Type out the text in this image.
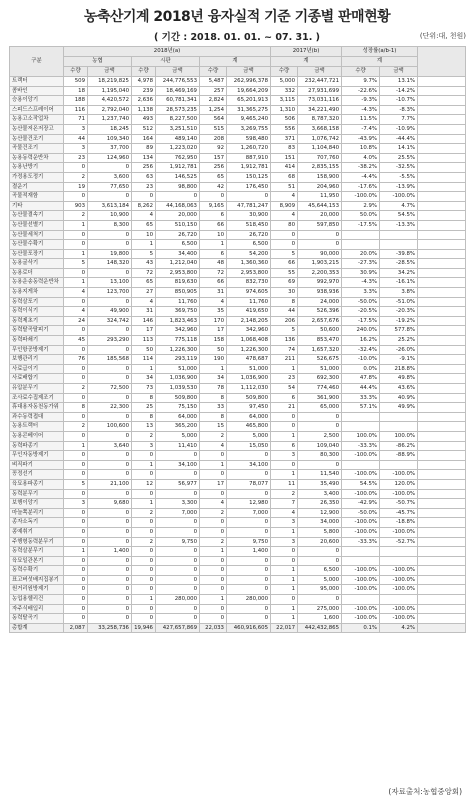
농축산기계 2018년 융자실적 기준 기종별 판매현황
( 기간 : 2018. 01. 01. ~ 07. 31. )	(단위:대, 천원)
구분	2018년(a)						2017년(b)		성장률(a/b-1)		
	농협		시판		계		계		계		
	수량	금액	수량	금액	수량	금액	수량	금액	수량	금액	
트랙터	509	18,219,825	4,978	244,776,553	5,487	262,996,378	5,000	232,447,721	9.7%	13.1%	
콤바인	18	1,195,040	239	18,469,169	257	19,664,209	332	27,931,699	-22.6%	-14.2%	
승용이앙기	188	4,420,572	2,636	60,781,341	2,824	65,201,913	3,115	73,031,116	-9.3%	-10.7%	
스피드스프레이어	116	2,792,040	1,138	28,573,235	1,254	31,365,275	1,310	34,221,490	-4.3%	-8.3%	
농용고소작업차	71	1,237,740	493	8,227,500	564	9,465,240	506	8,787,320	11.5%	7.7%	
농산물저온저장고	3	18,245	512	3,251,510	515	3,269,755	556	3,668,158	-7.4%	-10.9%	
농산물건조기	44	109,340	164	489,140	208	598,480	371	1,076,742	-43.9%	-44.4%	
곡물건조기	3	37,700	89	1,223,020	92	1,260,720	83	1,104,840	10.8%	14.1%	
농용동력운반차	23	124,960	134	762,950	157	887,910	151	707,760	4.0%	25.5%	
농용난방기	0	0	256	1,912,781	256	1,912,781	414	2,835,155	-38.2%	-32.5%	
가정용도정기	2	3,600	63	146,525	65	150,125	68	158,900	-4.4%	-5.5%	
결운기	19	77,650	23	98,800	42	176,450	51	204,960	-17.6%	-13.9%	
곡물적재함	0	0	0	0	0	0	4	11,950	-100.0%	-100.0%	
기타	903	3,613,184	8,262	44,168,063	9,165	47,781,247	8,909	45,644,153	2.9%	4.7%	
농산물결속기	2	10,900	4	20,000	6	30,900	4	20,000	50.0%	54.5%	
농산물선별기	1	8,300	65	510,150	66	518,450	80	597,850	-17.5%	-13.3%	
농산물세척기	0	0	10	26,720	10	26,720	0	0			
농산물수확기	0	0	1	6,500	1	6,500	0	0			
농산물포장기	1	19,800	5	34,400	6	54,200	5	90,000	20.0%	-39.8%	
농용굴삭기	5	148,320	43	1,212,040	48	1,360,360	66	1,903,215	-27.3%	-28.5%	
농용로더	0	0	72	2,953,800	72	2,953,800	55	2,200,353	30.9%	34.2%	
농용운송동력운반차	1	13,100	65	819,630	66	832,730	69	992,970	-4.3%	-16.1%	
농용지게차	4	123,700	27	850,905	31	974,605	30	938,936	3.3%	3.8%	
동력살포기	0	0	4	11,760	4	11,760	8	24,000	-50.0%	-51.0%	
동력이식기	4	49,900	31	369,750	35	419,650	44	526,396	-20.5%	-20.3%	
동력제초기	24	324,742	146	1,823,463	170	2,148,205	206	2,657,676	-17.5%	-19.2%	
동력탈곡탈피기	0	0	17	342,960	17	342,960	5	50,600	240.0%	577.8%	
동력파쇄기	45	293,290	113	775,118	158	1,068,408	136	853,470	16.2%	25.2%	
무인항공방제기	0	0	50	1,226,300	50	1,226,300	74	1,657,320	-32.4%	-26.0%	
보행관리기	76	185,568	114	293,119	190	478,687	211	526,675	-10.0%	-9.1%	
사료급이기	0	0	1	51,000	1	51,000	1	51,000	0.0%	218.8%	
사료배합기	0	0	34	1,036,900	34	1,036,900	23	692,300	47.8%	49.8%	
유압분무기	2	72,500	73	1,039,530	78	1,112,030	54	774,460	44.4%	43.6%	
조사료수집제조기	0	0	8	509,800	8	509,800	6	361,900	33.3%	40.9%	
휴대용자동천동가위	8	22,300	25	75,150	33	97,450	21	65,000	57.1%	49.9%	
과수동력접대	0	0	8	64,000	8	64,000	0	0			
농용트랙터	2	100,600	13	365,200	15	465,800	0	0			
농용콘베이어	0	0	2	5,000	2	5,000	1	2,500	100.0%	100.0%	
동력파종기	1	3,640	3	11,410	4	15,050	6	109,040	-33.3%	-86.2%	
무인자동방제기	0	0	0	0	0	0	3	80,300	-100.0%	-88.9%	
벼직파기	0	0	1	34,100	1	34,100	0	0			
꽁정선기	0	0	0	0	0	0	1	11,540	-100.0%	-100.0%	
육묘용파종기	5	21,100	12	56,977	17	78,077	11	35,490	54.5%	120.0%	
동력분무기	0	0	0	0	0	0	2	3,400	-100.0%	-100.0%	
보행이앙기	3	9,680	1	3,300	4	12,980	7	26,350	-42.9%	-50.7%	
마늘쪽분리기	0	0	2	7,000	2	7,000	4	12,900	-50.0%	-45.7%	
종자소독기	0	0	0	0	0	0	3	34,000	-100.0%	-18.8%	
콩예취기	0	0	0	0	0	0	1	5,800	-100.0%	-100.0%	
주행형동력분무기	0	0	2	9,750	2	9,750	3	20,600	-33.3%	-52.7%	
동력살분무기	1	1,400	0	0	1	1,400	0	0			
육묘일관본기	0	0	0	0	0	0	0	0			
동력수확기	0	0	0	0	0	0	1	6,500	-100.0%	-100.0%	
표고버섯배지집봉기	0	0	0	0	0	0	1	5,000	-100.0%	-100.0%	
원거리원방제기	0	0	0	0	0	0	1	95,000	-100.0%	-100.0%	
농업용헬리건	0	0	1	280,000	1	280,000	0	0			
자주식배입리	0	0	0	0	0	0	1	275,000	-100.0%	-100.0%	
동력탈곡기	0	0	0	0	0	0	1	1,600	-100.0%	-100.0%	
총합계	2,087	33,258,736	19,946	427,657,869	22,033	460,916,605	22,017	442,432,865	0.1%	4.2%	
(자료출처:농협중앙회)
